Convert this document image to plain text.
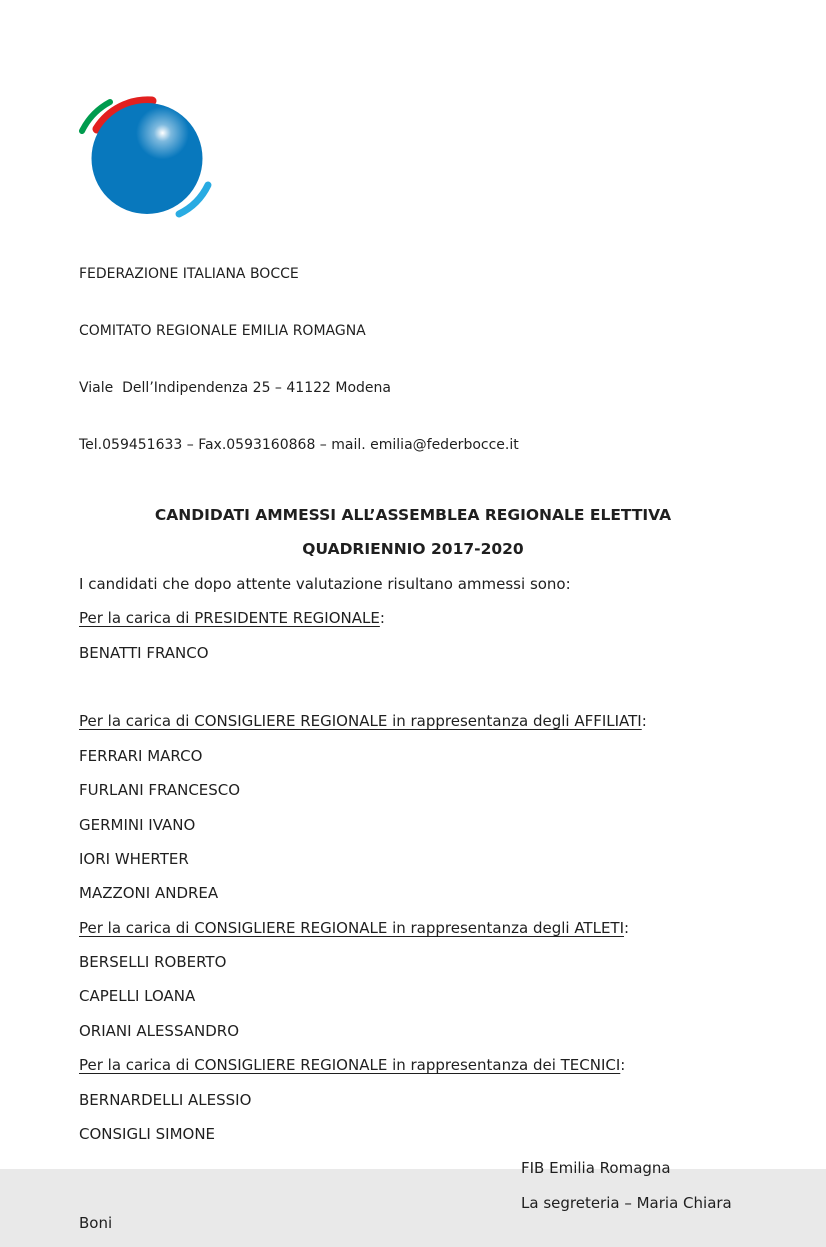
FEDERAZIONE ITALIANA BOCCE

COMITATO REGIONALE EMILIA ROMAGNA

Viale  Dell’Indipendenza 25 – 41122 Modena

Tel.059451633 – Fax.0593160868 – mail. emilia@federbocce.it

CANDIDATI AMMESSI ALL’ASSEMBLEA REGIONALE ELETTIVA

QUADRIENNIO 2017-2020

I candidati che dopo attente valutazione risultano ammessi sono:

Per la carica di PRESIDENTE REGIONALE:

BENATTI FRANCO

Per la carica di CONSIGLIERE REGIONALE in rappresentanza degli AFFILIATI:

FERRARI MARCO

FURLANI FRANCESCO

GERMINI IVANO

IORI WHERTER

MAZZONI ANDREA

Per la carica di CONSIGLIERE REGIONALE in rappresentanza degli ATLETI:

BERSELLI ROBERTO

CAPELLI LOANA

ORIANI ALESSANDRO

Per la carica di CONSIGLIERE REGIONALE in rappresentanza dei TECNICI:

BERNARDELLI ALESSIO

CONSIGLI SIMONE

FIB Emilia Romagna

La segreteria – Maria Chiara Boni
